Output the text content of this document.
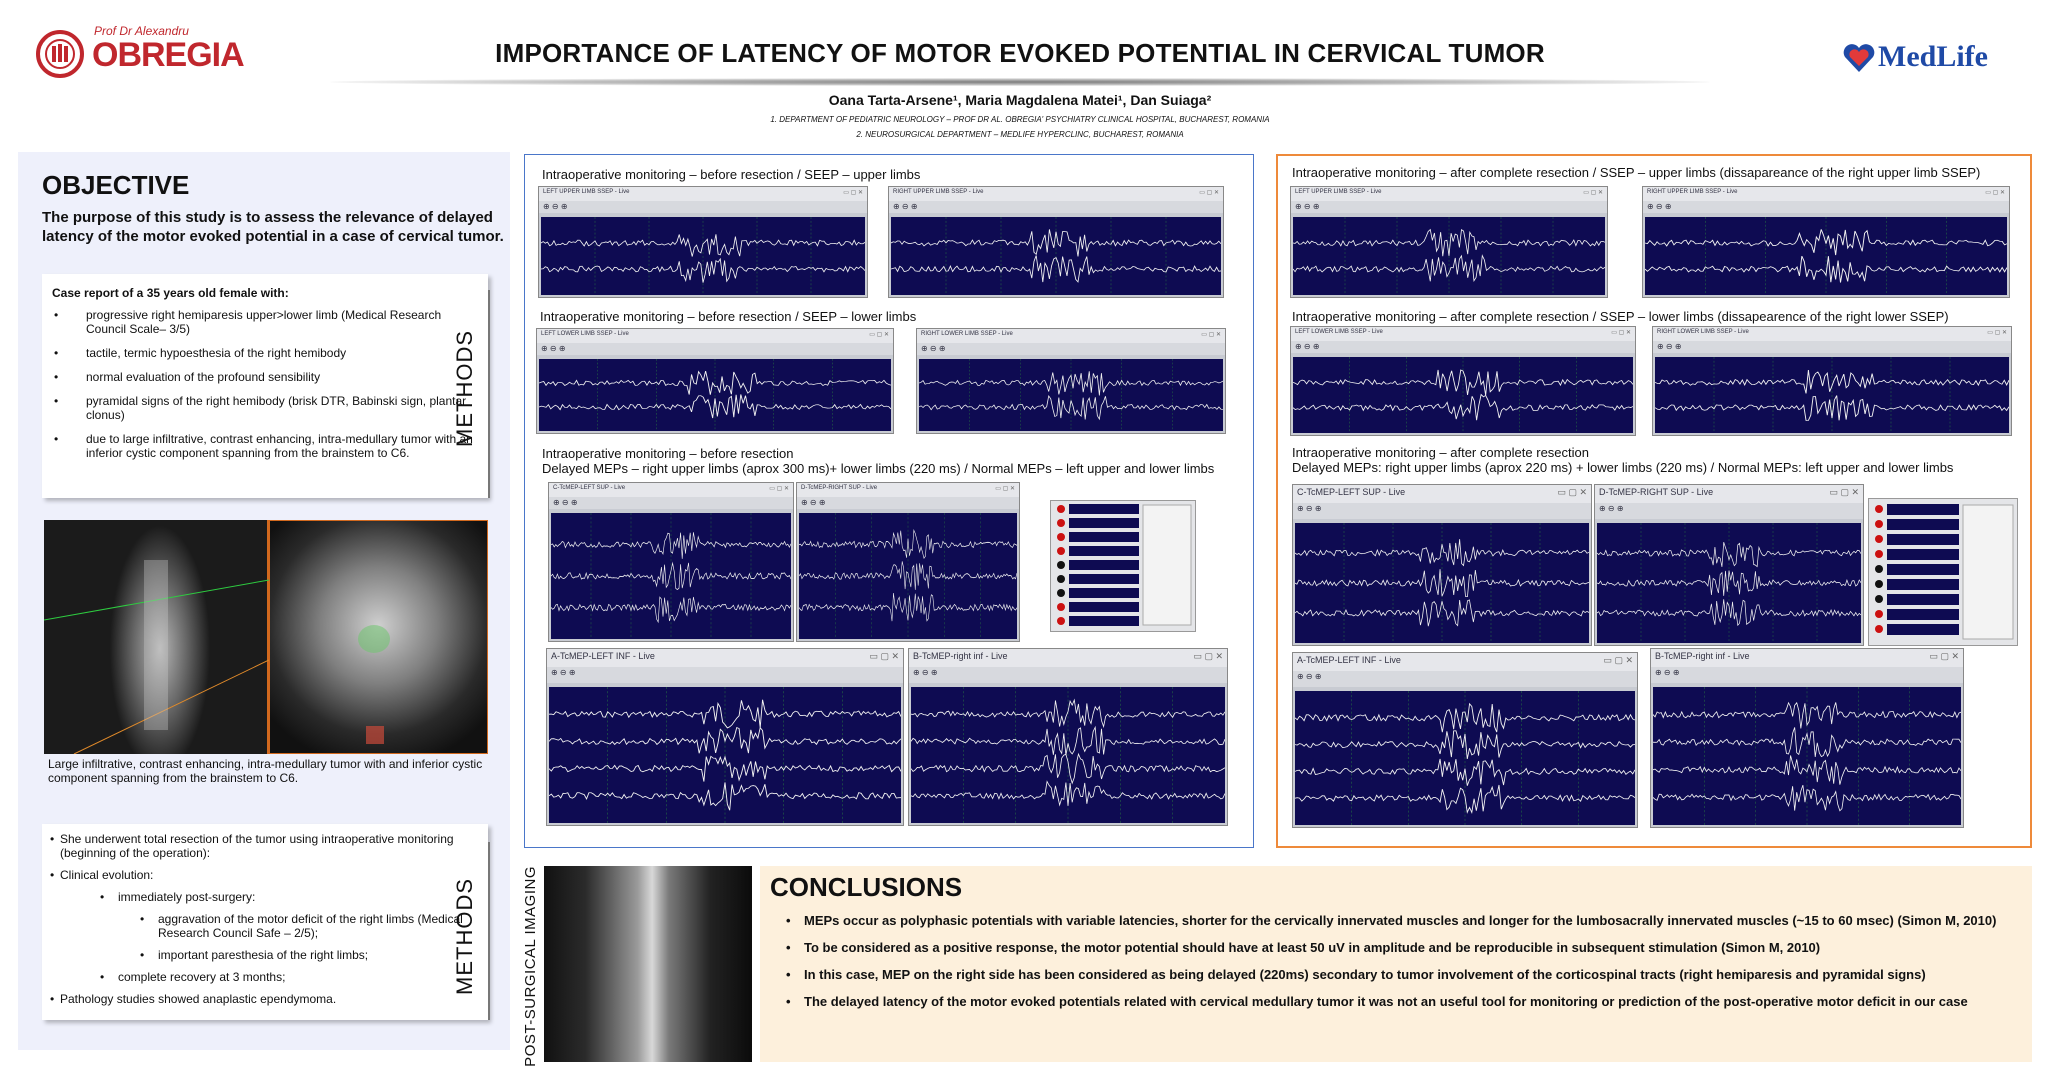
Prof Dr Alexandru
OBREGIA	IMPORTANCE OF LATENCY OF MOTOR EVOKED POTENTIAL IN CERVICAL TUMOR
Oana Tarta-Arsene¹, Maria Magdalena Matei¹, Dan Suiaga²
1. DEPARTMENT OF PEDIATRIC NEUROLOGY – PROF DR AL. OBREGIA' PSYCHIATRY CLINICAL HOSPITAL, BUCHAREST, ROMANIA
2. NEUROSURGICAL DEPARTMENT – MEDLIFE HYPERCLINC, BUCHAREST, ROMANIA
MedLife
OBJECTIVE
The purpose of this study is to assess the relevance of delayed latency of the motor evoked potential in a case of cervical tumor.
Case report of a 35 years old female with:
• progressive right hemiparesis upper>lower limb (Medical Research Council Scale– 3/5)
• tactile, termic hypoesthesia of the right hemibody
• normal evaluation of the profound sensibility
• pyramidal signs of the right hemibody (brisk DTR, Babinski sign, plantar clonus)
• due to large infiltrative, contrast enhancing, intra-medullary tumor with an inferior cystic component spanning from the brainstem to C6.
METHODS
Large infiltrative, contrast enhancing, intra-medullary tumor with and inferior cystic component spanning from the brainstem to C6.

• She underwent total resection of the tumor using intraoperative monitoring (beginning of the operation):

• Clinical evolution:

• immediately post-surgery:

• aggravation of the motor deficit of the right limbs (Medical Research Council Safe – 2/5);

• important paresthesia of the right limbs;

• complete recovery at 3 months;

• Pathology studies showed anaplastic ependymoma.

METHODS
Intraoperative monitoring – before resection / SEEP – upper limbs
Intraoperative monitoring – before resection / SEEP – lower limbs
Intraoperative monitoring – before resection
Delayed MEPs – right upper limbs (aprox 300 ms)+ lower limbs (220 ms) / Normal MEPs – left upper and lower limbs
LEFT UPPER LIMB SSEP - Live	▭ ▢ ✕
⊕ ⊖ ⊕
RIGHT UPPER LIMB SSEP - Live	▭ ▢ ✕
⊕ ⊖ ⊕
LEFT LOWER LIMB SSEP - Live	▭ ▢ ✕
⊕ ⊖ ⊕
RIGHT LOWER LIMB SSEP - Live	▭ ▢ ✕
⊕ ⊖ ⊕
C-TcMEP-LEFT SUP - Live	▭ ▢ ✕
⊕ ⊖ ⊕
D-TcMEP-RIGHT SUP - Live	▭ ▢ ✕
⊕ ⊖ ⊕
A-TcMEP-LEFT INF - Live	▭ ▢ ✕
⊕ ⊖ ⊕
B-TcMEP-right inf - Live	▭ ▢ ✕
⊕ ⊖ ⊕
Intraoperative monitoring – after complete resection / SSEP – upper limbs (dissapareance of the right upper limb SSEP)
Intraoperative monitoring – after complete resection / SSEP – lower limbs (dissapearence of the right lower SSEP)
Intraoperative monitoring – after complete resection
Delayed MEPs: right upper limbs (aprox 220 ms) + lower limbs (220 ms) / Normal MEPs: left upper and lower limbs
LEFT UPPER LIMB SSEP - Live	▭ ▢ ✕
⊕ ⊖ ⊕
RIGHT UPPER LIMB SSEP - Live	▭ ▢ ✕
⊕ ⊖ ⊕
LEFT LOWER LIMB SSEP - Live	▭ ▢ ✕
⊕ ⊖ ⊕
RIGHT LOWER LIMB SSEP - Live	▭ ▢ ✕
⊕ ⊖ ⊕
C-TcMEP-LEFT SUP - Live	▭ ▢ ✕
⊕ ⊖ ⊕
D-TcMEP-RIGHT SUP - Live	▭ ▢ ✕
⊕ ⊖ ⊕
A-TcMEP-LEFT INF - Live	▭ ▢ ✕
⊕ ⊖ ⊕
B-TcMEP-right inf - Live	▭ ▢ ✕
⊕ ⊖ ⊕
POST-SURGICAL IMAGING	CONCLUSIONS
• MEPs occur as polyphasic potentials with variable latencies, shorter for the cervically innervated muscles and longer for the lumbosacrally innervated muscles (~15 to 60 msec) (Simon M, 2010)
• To be considered as a positive response, the motor potential should have at least 50 uV in amplitude and be reproducible in subsequent stimulation (Simon M, 2010)
• In this case, MEP on the right side has been considered as being delayed (220ms) secondary to tumor involvement of the corticospinal tracts (right hemiparesis and pyramidal signs)
• The delayed latency of the motor evoked potentials related with cervical medullary tumor it was not an useful tool for monitoring or prediction of the post-operative motor deficit in our case
